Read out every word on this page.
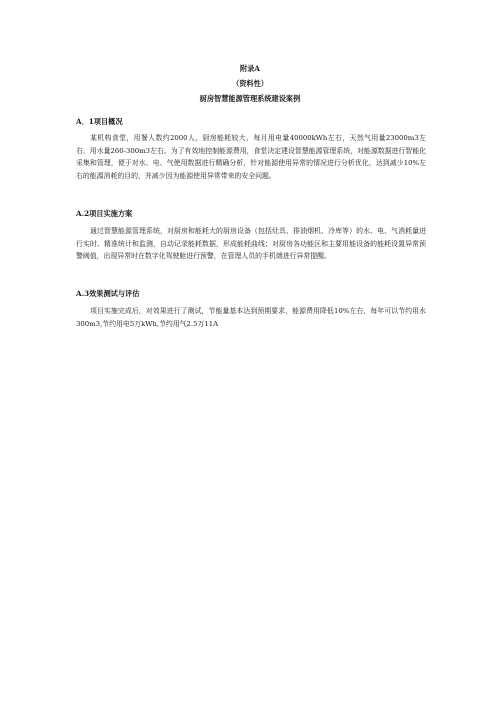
附录A
（资料性）
厨房智慧能源管理系统建设案例
A．1项目概况
某机构食堂，用餐人数约2000人，厨房能耗较大，每月用电量40000kWh左右，天然气用量23000m3左右，用水量260-300m3左右。为了有效地控制能源费用，食堂决定建设智慧能源管理系统，对能源数据进行智能化采集和管理，便于对水、电、气使用数据进行精确分析，针对能源使用异常的情况进行分析优化，达到减少10%左右的能源消耗的目的，并减少因为能源使用异常带来的安全问题。
A.2项目实施方案
通过智慧能源管理系统，对厨房和能耗大的厨房设备（包括灶具、排油烟机、冷库等）的水、电、气消耗量进行实时、精准统计和监测，自动记录能耗数据，形成能耗曲线；对厨房各功能区和主要用能设备的能耗设置异常预警阈值，出现异常时在数字化驾驶舱进行预警，在管理人员的手机端进行异常提醒。
A.3效果测试与评估
项目实施完成后，对效果进行了测试，节能量基本达到预期要求，能源费用降低10%左右，每年可以节约用水300m3,节约用电5万kWh,节约用气2.5万11A
